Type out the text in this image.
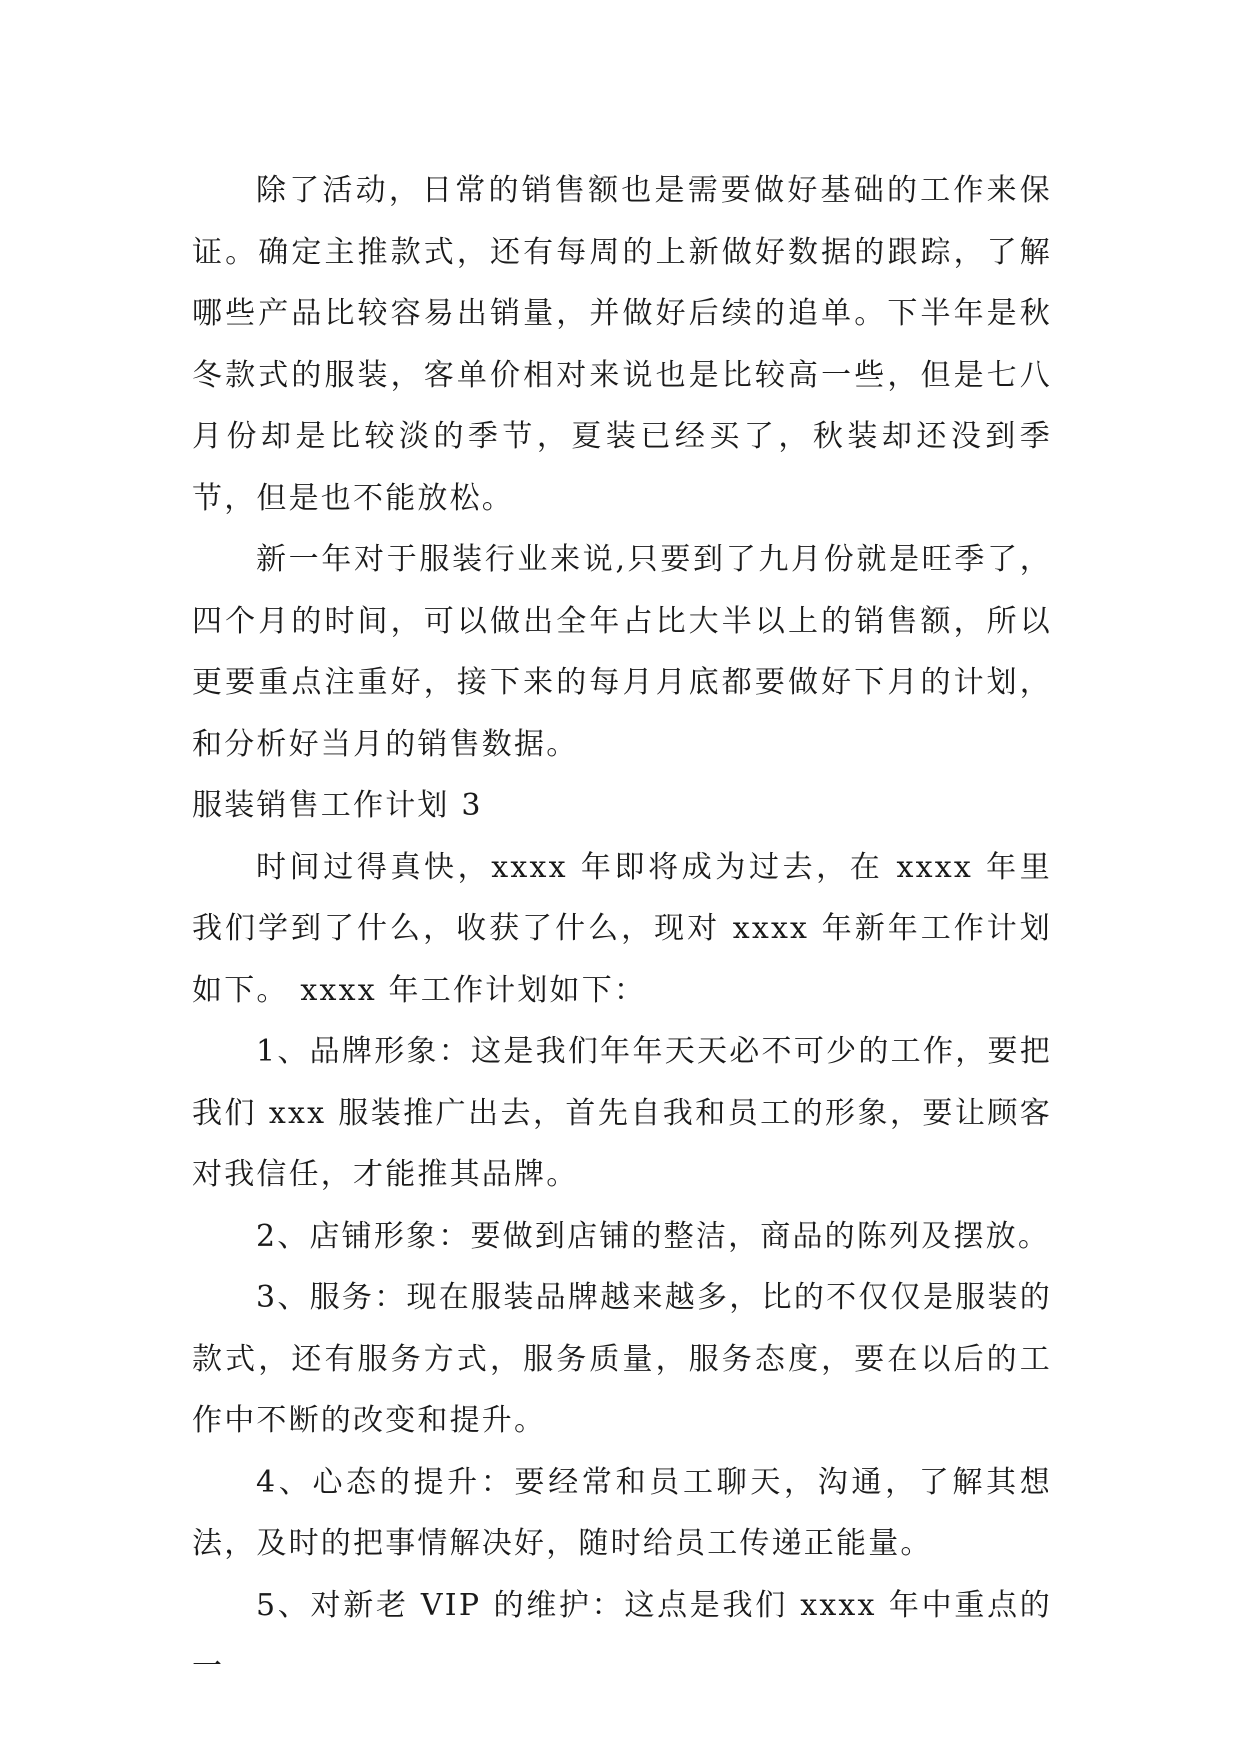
除了活动，日常的销售额也是需要做好基础的工作来保证。确定主推款式，还有每周的上新做好数据的跟踪，了解哪些产品比较容易出销量，并做好后续的追单。下半年是秋冬款式的服装，客单价相对来说也是比较高一些，但是七八月份却是比较淡的季节，夏装已经买了，秋装却还没到季节，但是也不能放松。

新一年对于服装行业来说,只要到了九月份就是旺季了，四个月的时间，可以做出全年占比大半以上的销售额，所以更要重点注重好，接下来的每月月底都要做好下月的计划，和分析好当月的销售数据。

服装销售工作计划 3

时间过得真快，xxxx 年即将成为过去，在 xxxx 年里我们学到了什么，收获了什么，现对 xxxx 年新年工作计划如下。 xxxx 年工作计划如下：

1、品牌形象：这是我们年年天天必不可少的工作，要把我们 xxx 服装推广出去，首先自我和员工的形象，要让顾客对我信任，才能推其品牌。

2、店铺形象：要做到店铺的整洁，商品的陈列及摆放。

3、服务：现在服装品牌越来越多，比的不仅仅是服装的款式，还有服务方式，服务质量，服务态度，要在以后的工作中不断的改变和提升。

4、心态的提升：要经常和员工聊天，沟通，了解其想法，及时的把事情解决好，随时给员工传递正能量。

5、对新老 VIP 的维护：这点是我们 xxxx 年中重点的一
